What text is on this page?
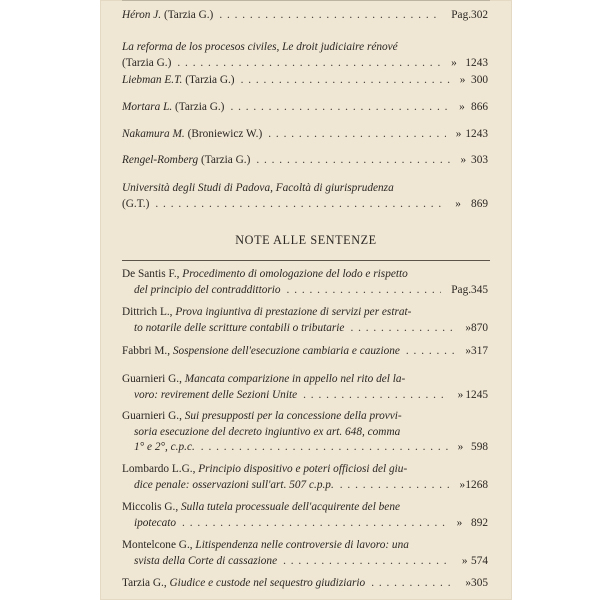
Héron J.
(Tarzia G.) . . .	Pag. 302
La reforma de los procesos civiles, Le droit judiciaire rénové
(Tarzia G.) . . .	» 1243
Liebman E.T.
(Tarzia G.) . . .	» 300
Mortara L.
(Tarzia G.) . . .	» 866
Nakamura M.
(Broniewicz W.) . . .	» 1243
Rengel-Romberg
(Tarzia G.) . . .	» 303
Università degli Studi di Padova, Facoltà di giurisprudenza
(G.T.) . . .	» 869
NOTE ALLE SENTENZE
De Santis F.,
Procedimento di omologazione del lodo e rispetto
del principio del contraddittorio . . .	Pag. 345
Dittrich L.,
Prova ingiuntiva di prestazione di servizi per estrat-
to notarile delle scritture contabili o tributarie . . .	» 870
Fabbri M.,
Sospensione dell'esecuzione cambiaria e cauzione . . .	» 317
Guarnieri G.,
Mancata comparizione in appello nel rito del la-
voro: revirement delle Sezioni Unite . . .	» 1245
Guarnieri G.,
Sui presupposti per la concessione della provvi-
soria esecuzione del decreto ingiuntivo ex art. 648, comma
1° e 2°, c.p.c. . . .	» 598
Lombardo L.G.,
Principio dispositivo e poteri officiosi del giu-
dice penale: osservazioni sull'art. 507 c.p.p. . . .	» 1268
Miccolis G.,
Sulla tutela processuale dell'acquirente del bene
ipotecato . . .	» 892
Montelcone G.,
Litispendenza nelle controversie di lavoro: una
svista della Corte di cassazione . . .	» 574
Tarzia G.,
Giudice e custode nel sequestro giudiziario . . .	» 305
